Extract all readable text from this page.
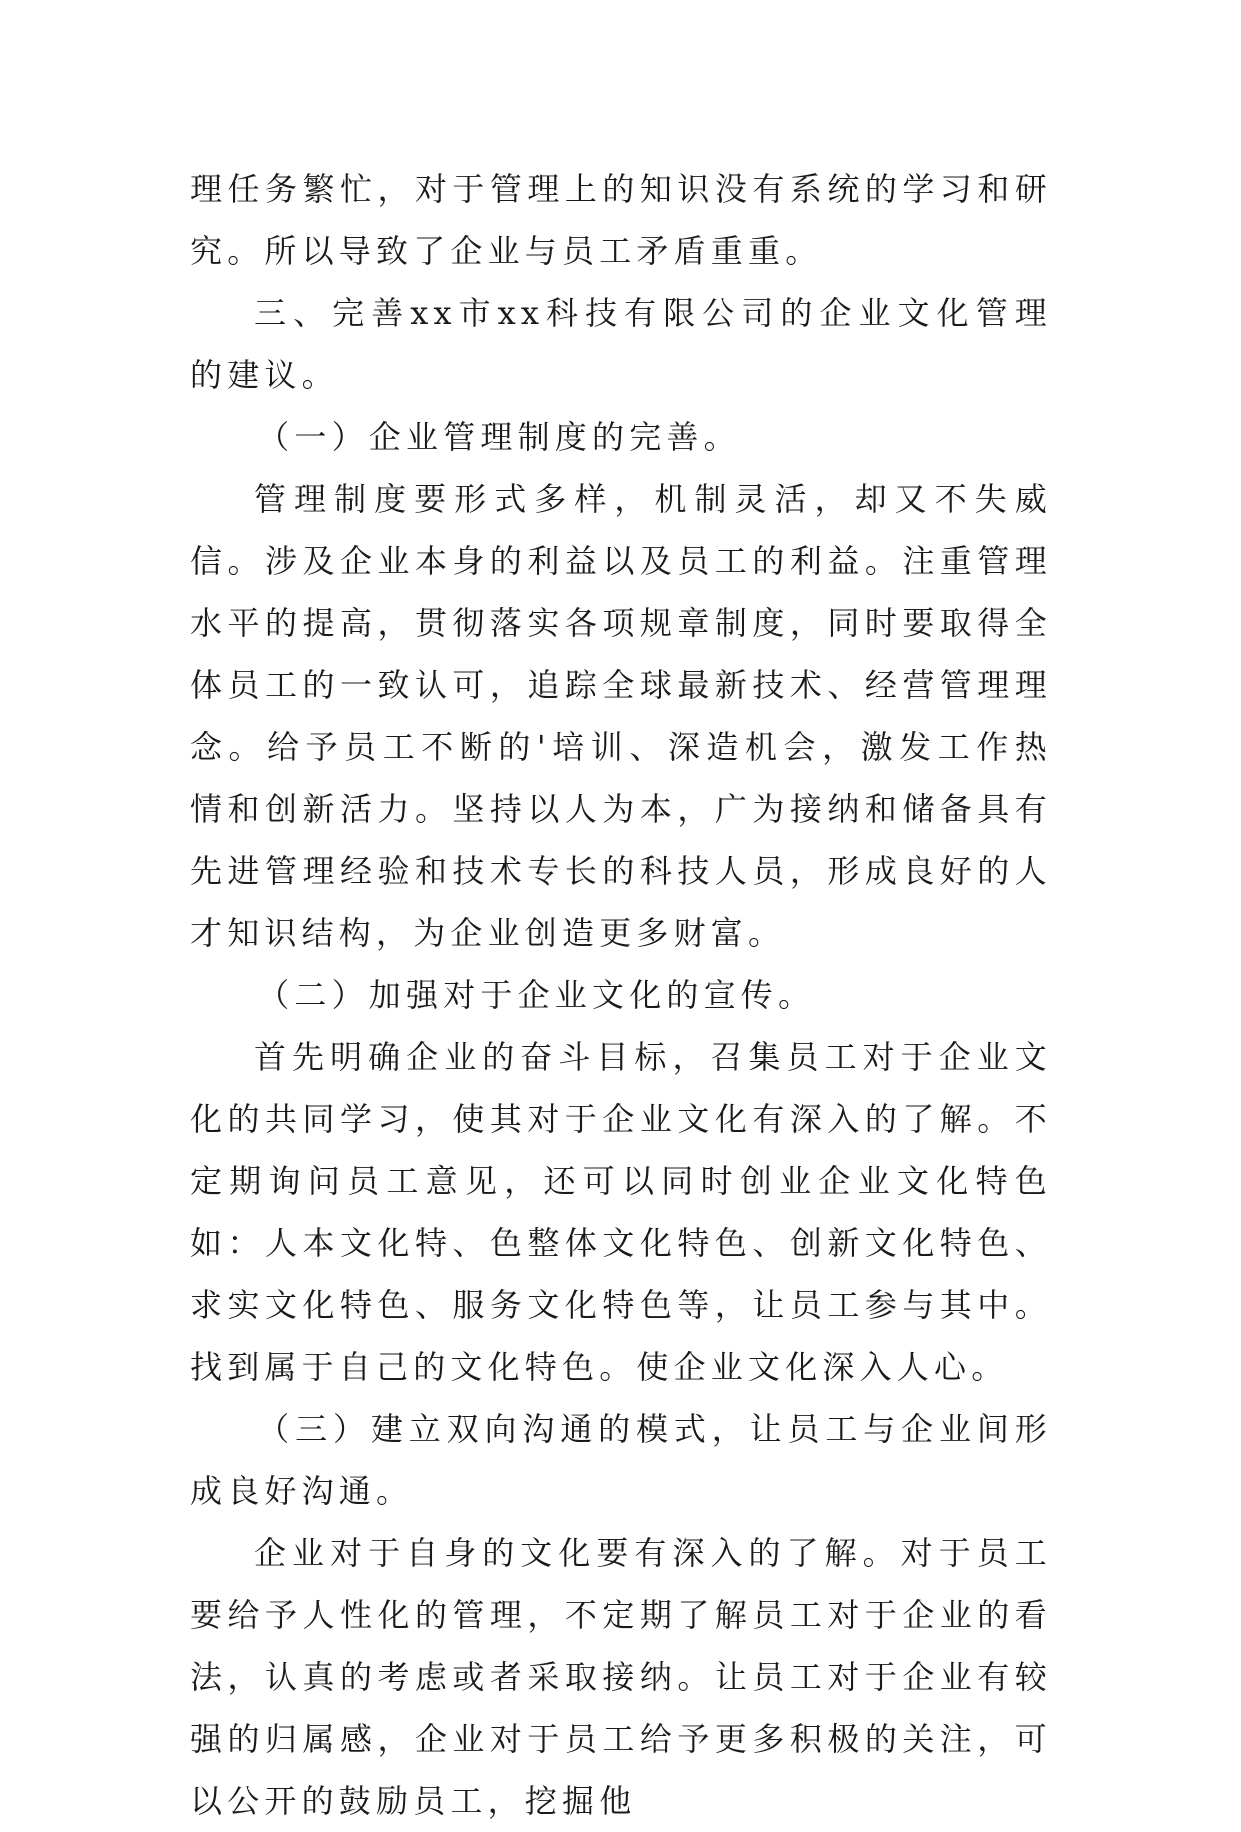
理任务繁忙，对于管理上的知识没有系统的学习和研究。所以导致了企业与员工矛盾重重。

三、完善xx市xx科技有限公司的企业文化管理的建议。

（一）企业管理制度的完善。

管理制度要形式多样，机制灵活，却又不失威信。涉及企业本身的利益以及员工的利益。注重管理水平的提高，贯彻落实各项规章制度，同时要取得全体员工的一致认可，追踪全球最新技术、经营管理理念。给予员工不断的'培训、深造机会，激发工作热情和创新活力。坚持以人为本，广为接纳和储备具有先进管理经验和技术专长的科技人员，形成良好的人才知识结构，为企业创造更多财富。

（二）加强对于企业文化的宣传。

首先明确企业的奋斗目标，召集员工对于企业文化的共同学习，使其对于企业文化有深入的了解。不定期询问员工意见，还可以同时创业企业文化特色如：人本文化特、色整体文化特色、创新文化特色、求实文化特色、服务文化特色等，让员工参与其中。找到属于自己的文化特色。使企业文化深入人心。

（三）建立双向沟通的模式，让员工与企业间形成良好沟通。

企业对于自身的文化要有深入的了解。对于员工要给予人性化的管理，不定期了解员工对于企业的看法，认真的考虑或者采取接纳。让员工对于企业有较强的归属感，企业对于员工给予更多积极的关注，可以公开的鼓励员工，挖掘他
